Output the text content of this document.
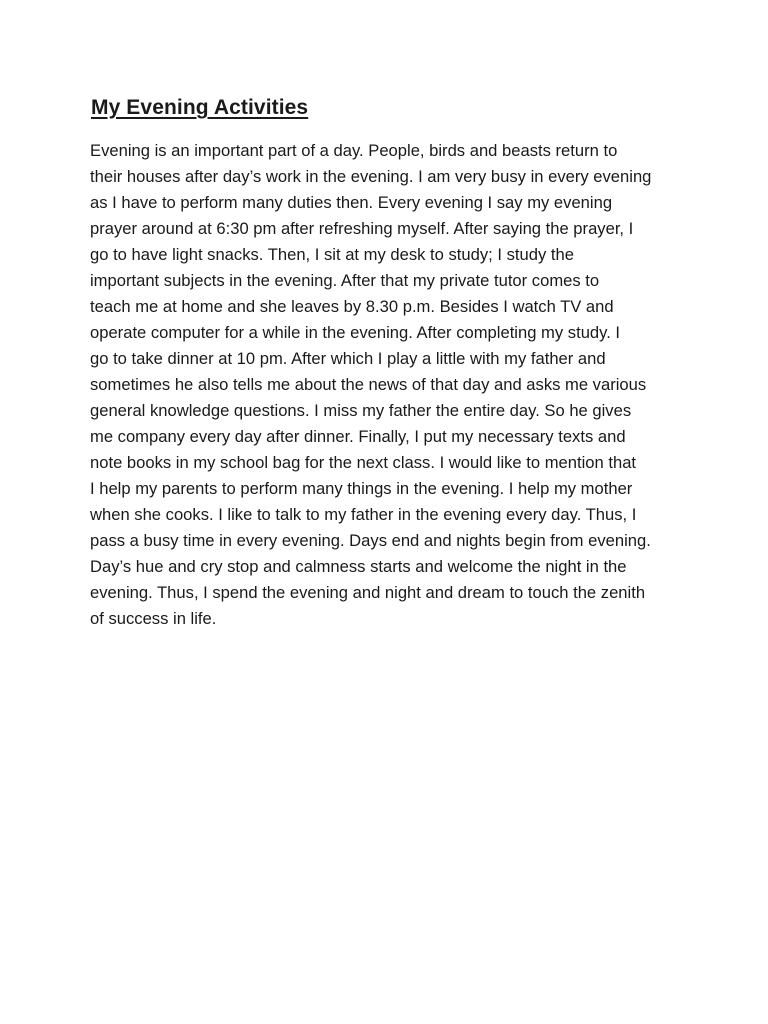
My Evening Activities
Evening is an important part of a day. People, birds and beasts return to
their houses after day’s work in the evening. I am very busy in every evening
as I have to perform many duties then. Every evening I say my evening
prayer around at 6:30 pm after refreshing myself. After saying the prayer, I
go to have light snacks. Then, I sit at my desk to study; I study the
important subjects in the evening. After that my private tutor comes to
teach me at home and she leaves by 8.30 p.m. Besides I watch TV and
operate computer for a while in the evening. After completing my study. I
go to take dinner at 10 pm. After which I play a little with my father and
sometimes he also tells me about the news of that day and asks me various
general knowledge questions. I miss my father the entire day. So he gives
me company every day after dinner. Finally, I put my necessary texts and
note books in my school bag for the next class. I would like to mention that
I help my parents to perform many things in the evening. I help my mother
when she cooks. I like to talk to my father in the evening every day. Thus, I
pass a busy time in every evening. Days end and nights begin from evening.
Day’s hue and cry stop and calmness starts and welcome the night in the
evening. Thus, I spend the evening and night and dream to touch the zenith
of success in life.
